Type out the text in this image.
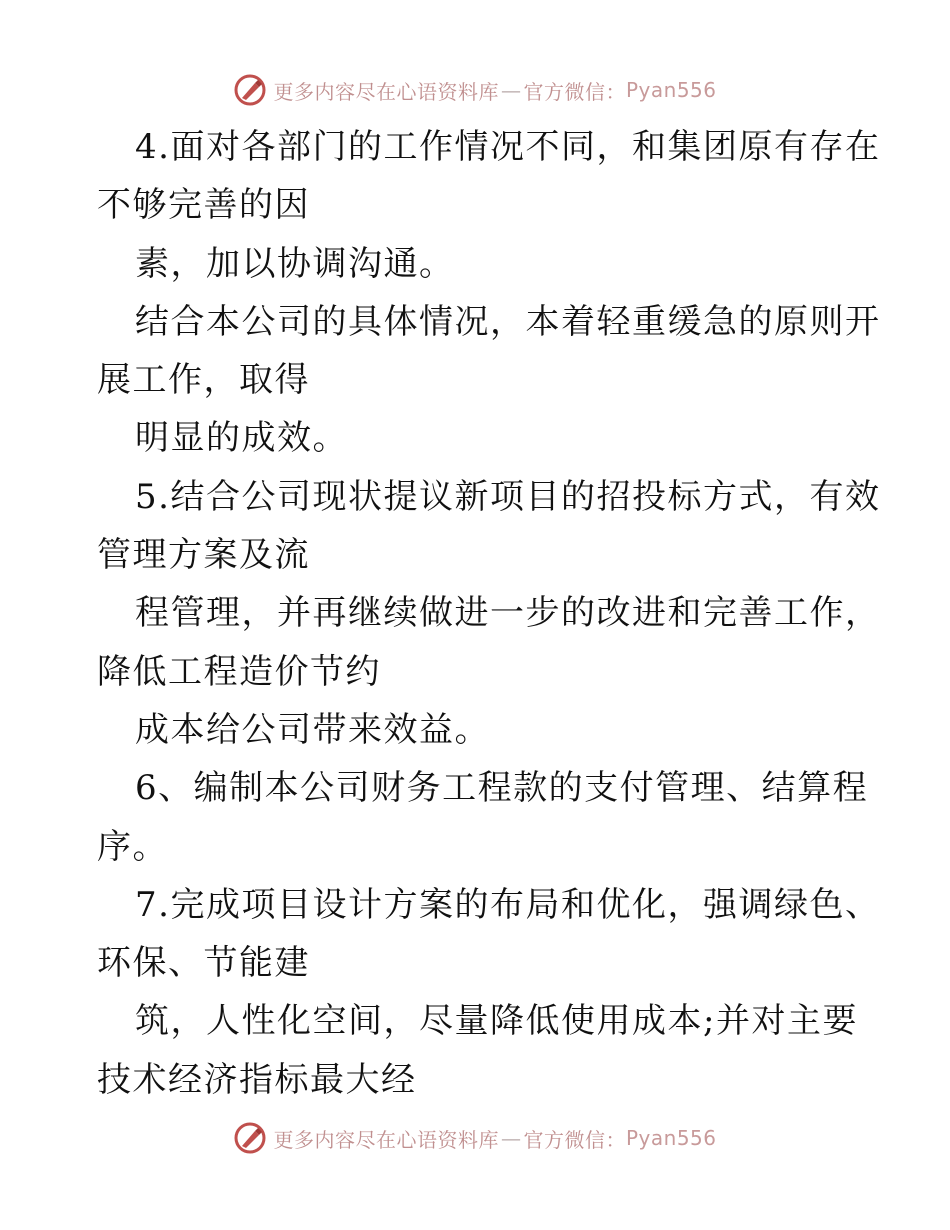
更多内容尽在心语资料库 — 官方微信： Pyan556
4.面对各部门的工作情况不同，和集团原有存在
不够完善的因
素，加以协调沟通。
结合本公司的具体情况，本着轻重缓急的原则开
展工作，取得
明显的成效。
5.结合公司现状提议新项目的招投标方式，有效
管理方案及流
程管理，并再继续做进一步的改进和完善工作，
降低工程造价节约
成本给公司带来效益。
6、编制本公司财务工程款的支付管理、结算程
序。
7.完成项目设计方案的布局和优化，强调绿色、
环保、节能建
筑，人性化空间，尽量降低使用成本;并对主要
技术经济指标最大经
更多内容尽在心语资料库 — 官方微信： Pyan556
